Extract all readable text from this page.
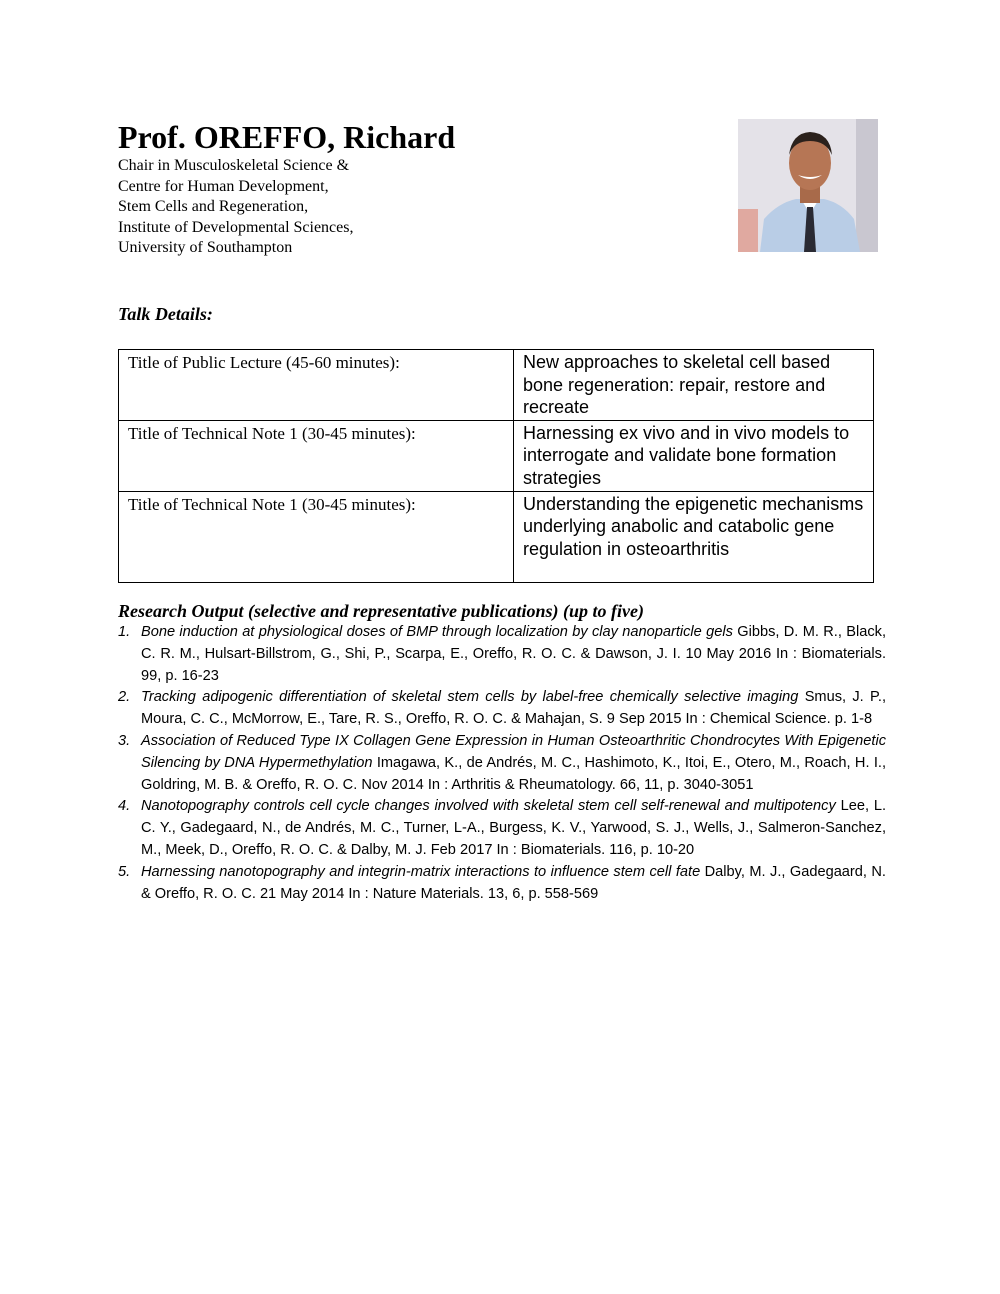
Prof. OREFFO, Richard
Chair in Musculoskeletal Science &
Centre for Human Development,
Stem Cells and Regeneration,
Institute of Developmental Sciences,
University of Southampton
Talk Details:
Title of Public Lecture (45-60 minutes):	New approaches to skeletal cell based bone regeneration: repair, restore and recreate
Title of Technical Note 1 (30-45 minutes):	Harnessing ex vivo and in vivo models to interrogate and validate bone formation strategies
Title of Technical Note 1 (30-45 minutes):	Understanding the epigenetic mechanisms underlying anabolic and catabolic gene regulation in osteoarthritis
Research Output (selective and representative publications) (up to five)
1. Bone induction at physiological doses of BMP through localization by clay nanoparticle gels Gibbs, D. M. R., Black, C. R. M., Hulsart-Billstrom, G., Shi, P., Scarpa, E., Oreffo, R. O. C. & Dawson, J. I. 10 May 2016 In : Biomaterials. 99, p. 16-23
2. Tracking adipogenic differentiation of skeletal stem cells by label-free chemically selective imaging Smus, J. P., Moura, C. C., McMorrow, E., Tare, R. S., Oreffo, R. O. C. & Mahajan, S. 9 Sep 2015 In : Chemical Science. p. 1-8
3. Association of Reduced Type IX Collagen Gene Expression in Human Osteoarthritic Chondrocytes With Epigenetic Silencing by DNA Hypermethylation Imagawa, K., de Andrés, M. C., Hashimoto, K., Itoi, E., Otero, M., Roach, H. I., Goldring, M. B. & Oreffo, R. O. C. Nov 2014 In : Arthritis & Rheumatology. 66, 11, p. 3040-3051
4. Nanotopography controls cell cycle changes involved with skeletal stem cell self-renewal and multipotency Lee, L. C. Y., Gadegaard, N., de Andrés, M. C., Turner, L-A., Burgess, K. V., Yarwood, S. J., Wells, J., Salmeron-Sanchez, M., Meek, D., Oreffo, R. O. C. & Dalby, M. J. Feb 2017 In : Biomaterials. 116, p. 10-20
5. Harnessing nanotopography and integrin-matrix interactions to influence stem cell fate Dalby, M. J., Gadegaard, N. & Oreffo, R. O. C. 21 May 2014 In : Nature Materials. 13, 6, p. 558-569
